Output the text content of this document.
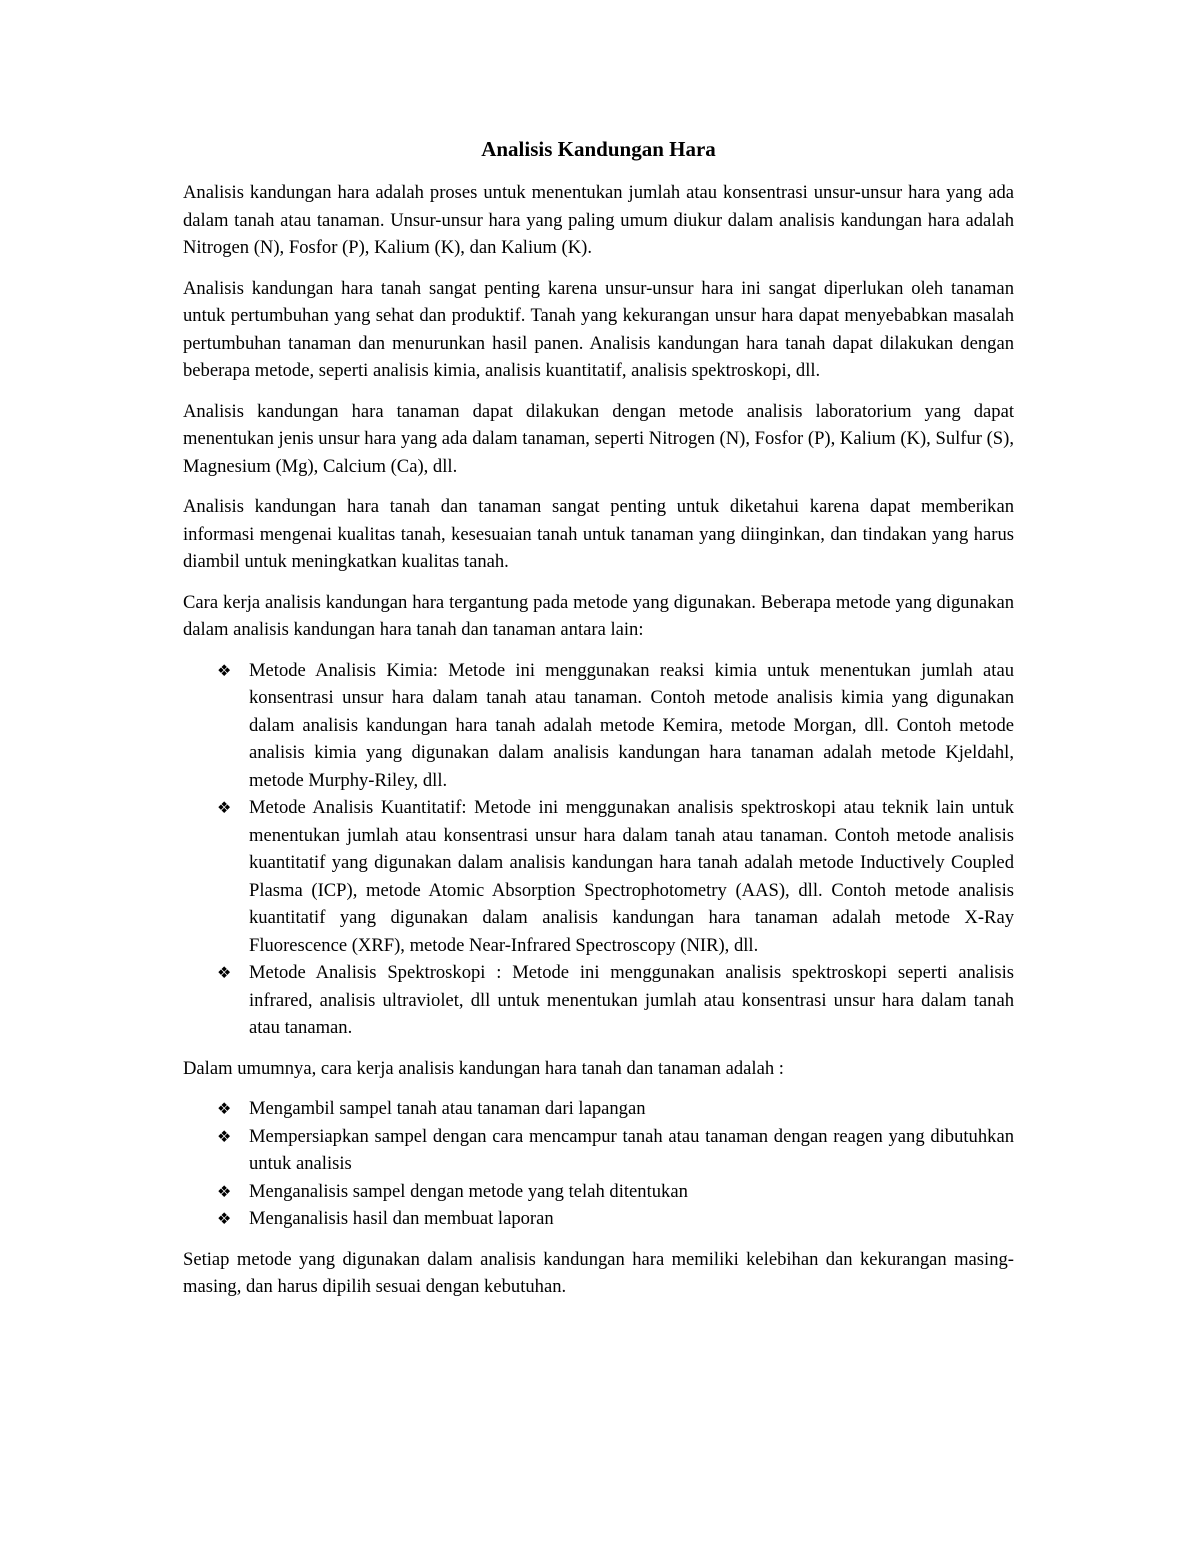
Analisis Kandungan Hara

Analisis kandungan hara adalah proses untuk menentukan jumlah atau konsentrasi unsur-unsur hara yang ada dalam tanah atau tanaman. Unsur-unsur hara yang paling umum diukur dalam analisis kandungan hara adalah Nitrogen (N), Fosfor (P), Kalium (K), dan Kalium (K).

Analisis kandungan hara tanah sangat penting karena unsur-unsur hara ini sangat diperlukan oleh tanaman untuk pertumbuhan yang sehat dan produktif. Tanah yang kekurangan unsur hara dapat menyebabkan masalah pertumbuhan tanaman dan menurunkan hasil panen. Analisis kandungan hara tanah dapat dilakukan dengan beberapa metode, seperti analisis kimia, analisis kuantitatif, analisis spektroskopi, dll.

Analisis kandungan hara tanaman dapat dilakukan dengan metode analisis laboratorium yang dapat menentukan jenis unsur hara yang ada dalam tanaman, seperti Nitrogen (N), Fosfor (P), Kalium (K), Sulfur (S), Magnesium (Mg), Calcium (Ca), dll.

Analisis kandungan hara tanah dan tanaman sangat penting untuk diketahui karena dapat memberikan informasi mengenai kualitas tanah, kesesuaian tanah untuk tanaman yang diinginkan, dan tindakan yang harus diambil untuk meningkatkan kualitas tanah.

Cara kerja analisis kandungan hara tergantung pada metode yang digunakan. Beberapa metode yang digunakan dalam analisis kandungan hara tanah dan tanaman antara lain:

❖ Metode Analisis Kimia: Metode ini menggunakan reaksi kimia untuk menentukan jumlah atau konsentrasi unsur hara dalam tanah atau tanaman. Contoh metode analisis kimia yang digunakan dalam analisis kandungan hara tanah adalah metode Kemira, metode Morgan, dll. Contoh metode analisis kimia yang digunakan dalam analisis kandungan hara tanaman adalah metode Kjeldahl, metode Murphy-Riley, dll.
❖ Metode Analisis Kuantitatif: Metode ini menggunakan analisis spektroskopi atau teknik lain untuk menentukan jumlah atau konsentrasi unsur hara dalam tanah atau tanaman. Contoh metode analisis kuantitatif yang digunakan dalam analisis kandungan hara tanah adalah metode Inductively Coupled Plasma (ICP), metode Atomic Absorption Spectrophotometry (AAS), dll. Contoh metode analisis kuantitatif yang digunakan dalam analisis kandungan hara tanaman adalah metode X-Ray Fluorescence (XRF), metode Near-Infrared Spectroscopy (NIR), dll.
❖ Metode Analisis Spektroskopi : Metode ini menggunakan analisis spektroskopi seperti analisis infrared, analisis ultraviolet, dll untuk menentukan jumlah atau konsentrasi unsur hara dalam tanah atau tanaman.

Dalam umumnya, cara kerja analisis kandungan hara tanah dan tanaman adalah :

❖ Mengambil sampel tanah atau tanaman dari lapangan
❖ Mempersiapkan sampel dengan cara mencampur tanah atau tanaman dengan reagen yang dibutuhkan untuk analisis
❖ Menganalisis sampel dengan metode yang telah ditentukan
❖ Menganalisis hasil dan membuat laporan

Setiap metode yang digunakan dalam analisis kandungan hara memiliki kelebihan dan kekurangan masing-masing, dan harus dipilih sesuai dengan kebutuhan.
